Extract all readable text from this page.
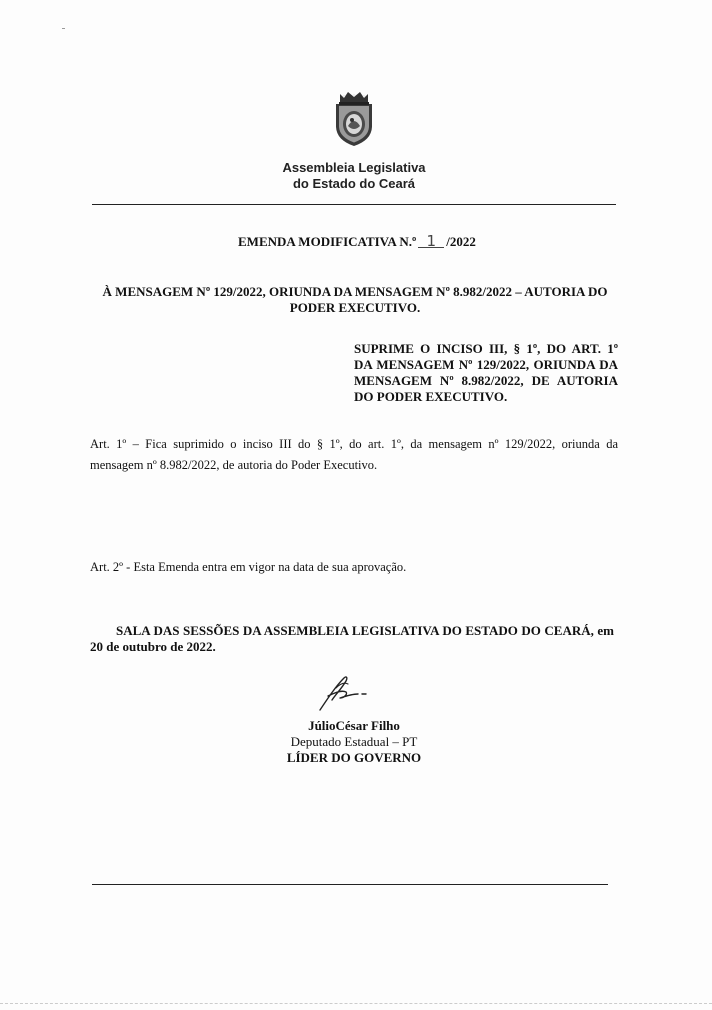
Assembleia Legislativa
do Estado do Ceará
EMENDA MODIFICATIVA N.º 1 /2022
À MENSAGEM Nº 129/2022, ORIUNDA DA MENSAGEM Nº 8.982/2022 – AUTORIA DO
PODER EXECUTIVO.
SUPRIME O INCISO III, § 1º, DO ART. 1º
DA MENSAGEM Nº 129/2022, ORIUNDA DA
MENSAGEM Nº 8.982/2022, DE AUTORIA
DO PODER EXECUTIVO.
Art. 1º – Fica suprimido o inciso III do § 1º, do art. 1º, da mensagem nº 129/2022, oriunda da
mensagem nº 8.982/2022, de autoria do Poder Executivo.
Art. 2º - Esta Emenda entra em vigor na data de sua aprovação.
SALA DAS SESSÕES DA ASSEMBLEIA LEGISLATIVA DO ESTADO DO CEARÁ, em
20 de outubro de 2022.
JúlioCésar Filho
Deputado Estadual – PT
LÍDER DO GOVERNO
